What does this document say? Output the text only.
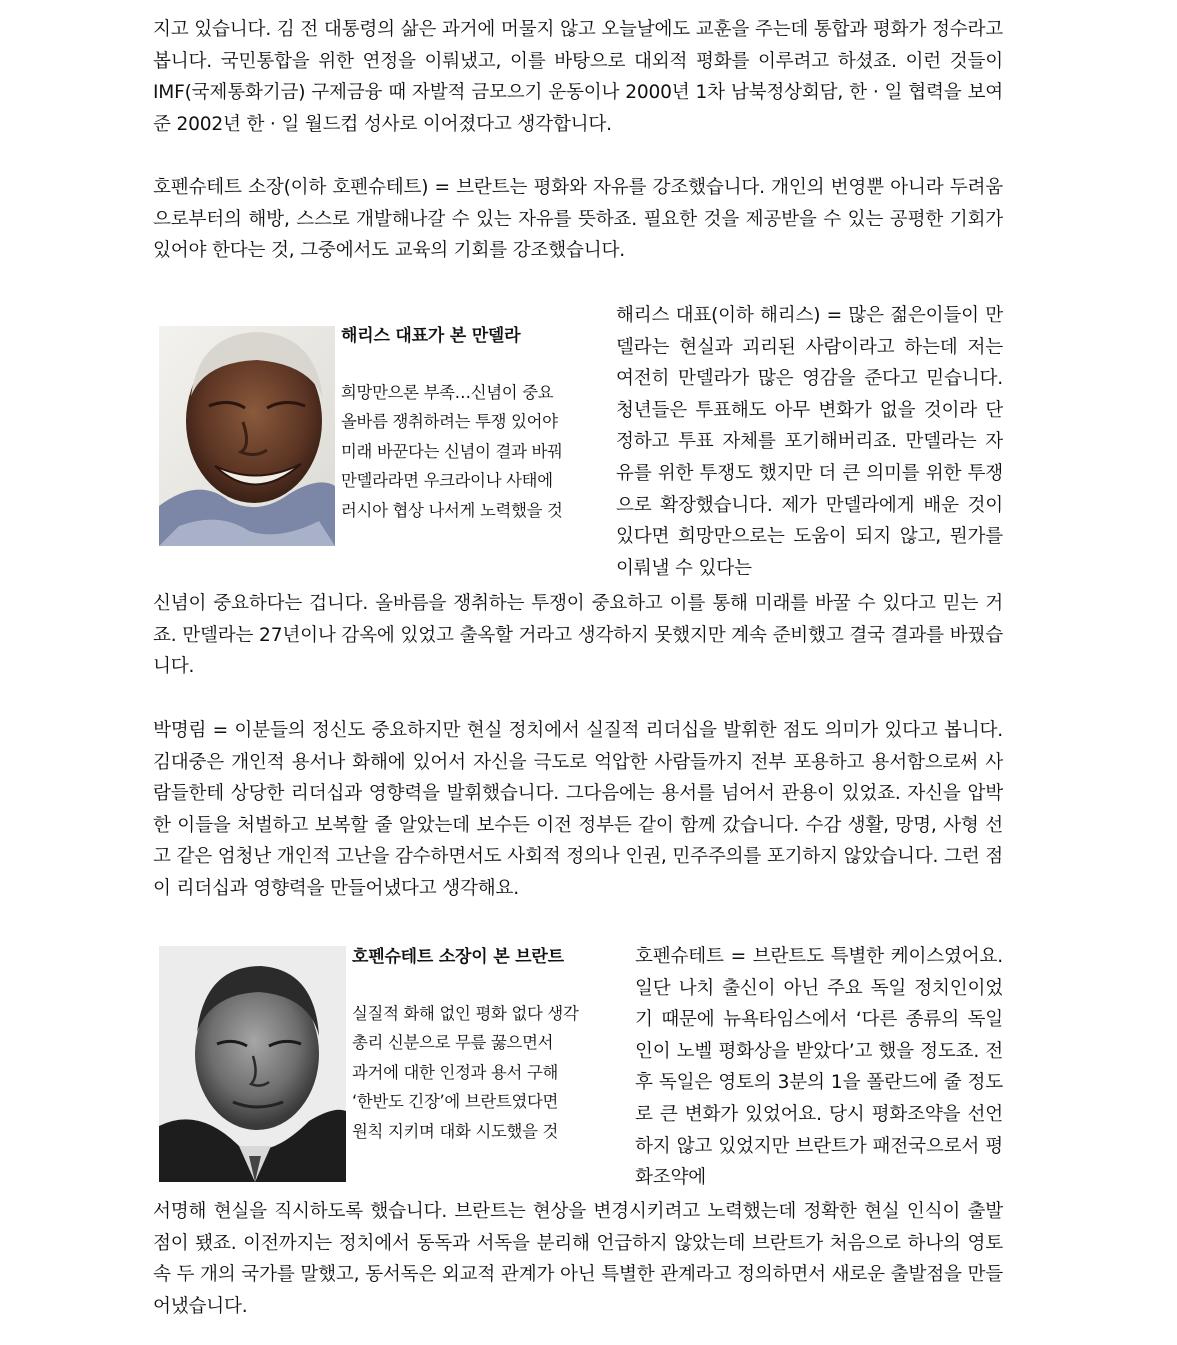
지고 있습니다. 김 전 대통령의 삶은 과거에 머물지 않고 오늘날에도 교훈을 주는데 통합과 평화가 정수라고 봅니다. 국민통합을 위한 연정을 이뤄냈고, 이를 바탕으로 대외적 평화를 이루려고 하셨죠. 이런 것들이 IMF(국제통화기금) 구제금융 때 자발적 금모으기 운동이나 2000년 1차 남북정상회담, 한 · 일 협력을 보여준 2002년 한 · 일 월드컵 성사로 이어졌다고 생각합니다.

호펜슈테트 소장(이하 호펜슈테트) = 브란트는 평화와 자유를 강조했습니다. 개인의 번영뿐 아니라 두려움으로부터의 해방, 스스로 개발해나갈 수 있는 자유를 뜻하죠. 필요한 것을 제공받을 수 있는 공평한 기회가 있어야 한다는 것, 그중에서도 교육의 기회를 강조했습니다.

해리스 대표가 본 만델라
희망만으론 부족…신념이 중요
올바름 쟁취하려는 투쟁 있어야
미래 바꾼다는 신념이 결과 바꿔
만델라라면 우크라이나 사태에
러시아 협상 나서게 노력했을 것

해리스 대표(이하 해리스) = 많은 젊은이들이 만델라는 현실과 괴리된 사람이라고 하는데 저는 여전히 만델라가 많은 영감을 준다고 믿습니다. 청년들은 투표해도 아무 변화가 없을 것이라 단정하고 투표 자체를 포기해버리죠. 만델라는 자유를 위한 투쟁도 했지만 더 큰 의미를 위한 투쟁으로 확장했습니다. 제가 만델라에게 배운 것이 있다면 희망만으로는 도움이 되지 않고, 뭔가를 이뤄낼 수 있다는

신념이 중요하다는 겁니다. 올바름을 쟁취하는 투쟁이 중요하고 이를 통해 미래를 바꿀 수 있다고 믿는 거죠. 만델라는 27년이나 감옥에 있었고 출옥할 거라고 생각하지 못했지만 계속 준비했고 결국 결과를 바꿨습니다.

박명림 = 이분들의 정신도 중요하지만 현실 정치에서 실질적 리더십을 발휘한 점도 의미가 있다고 봅니다. 김대중은 개인적 용서나 화해에 있어서 자신을 극도로 억압한 사람들까지 전부 포용하고 용서함으로써 사람들한테 상당한 리더십과 영향력을 발휘했습니다. 그다음에는 용서를 넘어서 관용이 있었죠. 자신을 압박한 이들을 처벌하고 보복할 줄 알았는데 보수든 이전 정부든 같이 함께 갔습니다. 수감 생활, 망명, 사형 선고 같은 엄청난 개인적 고난을 감수하면서도 사회적 정의나 인권, 민주주의를 포기하지 않았습니다. 그런 점이 리더십과 영향력을 만들어냈다고 생각해요.

호펜슈테트 소장이 본 브란트
실질적 화해 없인 평화 없다 생각
총리 신분으로 무릎 꿇으면서
과거에 대한 인정과 용서 구해
‘한반도 긴장’에 브란트였다면
원칙 지키며 대화 시도했을 것

호펜슈테트 = 브란트도 특별한 케이스였어요. 일단 나치 출신이 아닌 주요 독일 정치인이었기 때문에 뉴욕타임스에서 ‘다른 종류의 독일인이 노벨 평화상을 받았다’고 했을 정도죠. 전후 독일은 영토의 3분의 1을 폴란드에 줄 정도로 큰 변화가 있었어요. 당시 평화조약을 선언하지 않고 있었지만 브란트가 패전국으로서 평화조약에

서명해 현실을 직시하도록 했습니다. 브란트는 현상을 변경시키려고 노력했는데 정확한 현실 인식이 출발점이 됐죠. 이전까지는 정치에서 동독과 서독을 분리해 언급하지 않았는데 브란트가 처음으로 하나의 영토 속 두 개의 국가를 말했고, 동서독은 외교적 관계가 아닌 특별한 관계라고 정의하면서 새로운 출발점을 만들어냈습니다.
